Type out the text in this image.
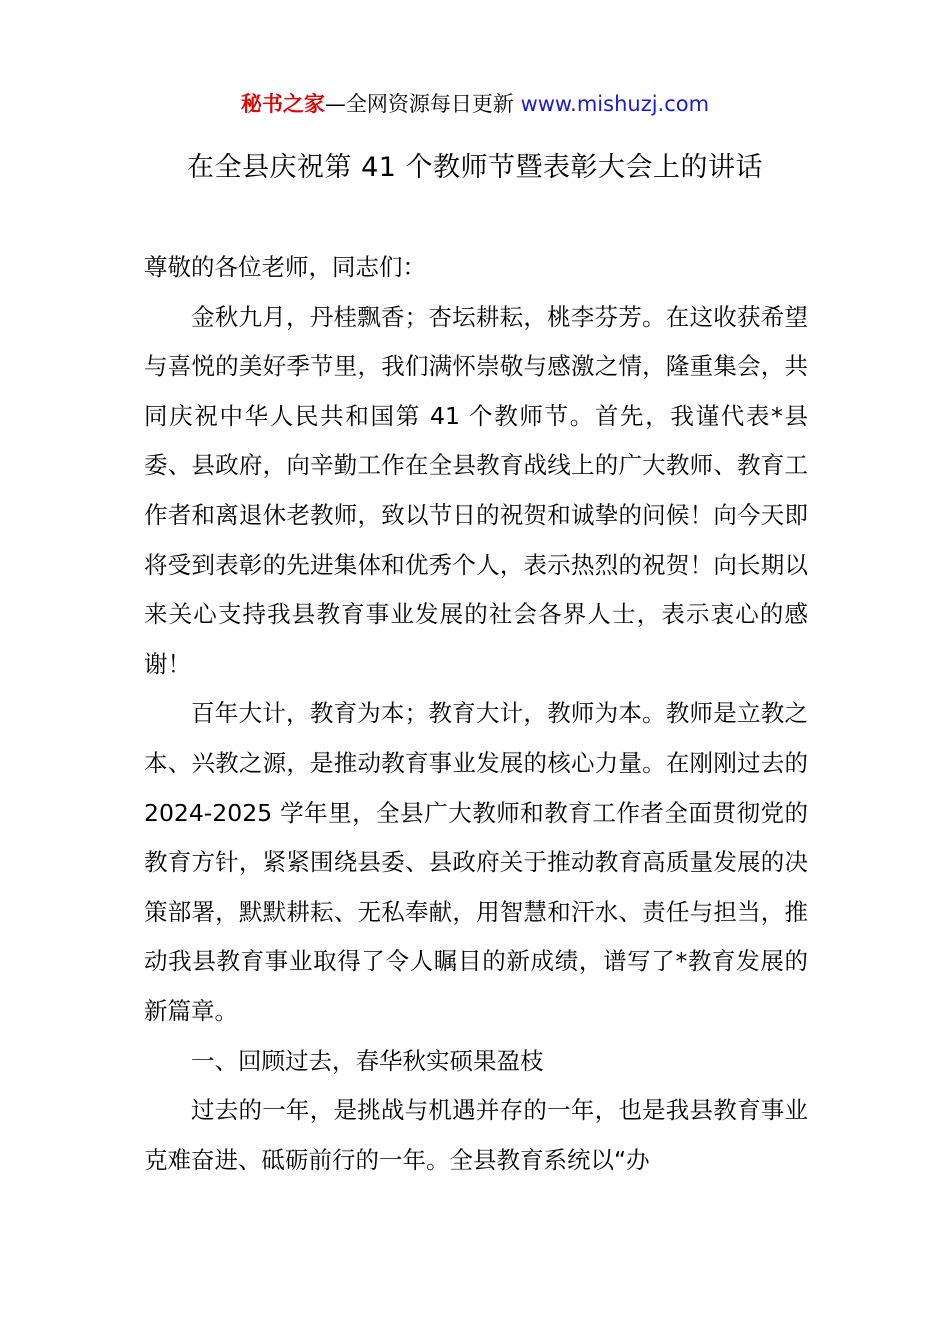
秘书之家—全网资源每日更新 www.mishuzj.com
在全县庆祝第 41 个教师节暨表彰大会上的讲话

尊敬的各位老师，同志们：

金秋九月，丹桂飘香；杏坛耕耘，桃李芬芳。在这收获希望与喜悦的美好季节里，我们满怀崇敬与感激之情，隆重集会，共同庆祝中华人民共和国第 41 个教师节。首先，我谨代表*县委、县政府，向辛勤工作在全县教育战线上的广大教师、教育工作者和离退休老教师，致以节日的祝贺和诚挚的问候！向今天即将受到表彰的先进集体和优秀个人，表示热烈的祝贺！向长期以来关心支持我县教育事业发展的社会各界人士，表示衷心的感谢！

百年大计，教育为本；教育大计，教师为本。教师是立教之本、兴教之源，是推动教育事业发展的核心力量。在刚刚过去的 2024-2025 学年里，全县广大教师和教育工作者全面贯彻党的教育方针，紧紧围绕县委、县政府关于推动教育高质量发展的决策部署，默默耕耘、无私奉献，用智慧和汗水、责任与担当，推动我县教育事业取得了令人瞩目的新成绩，谱写了*教育发展的新篇章。

一、回顾过去，春华秋实硕果盈枝

过去的一年，是挑战与机遇并存的一年，也是我县教育事业克难奋进、砥砺前行的一年。全县教育系统以“办
